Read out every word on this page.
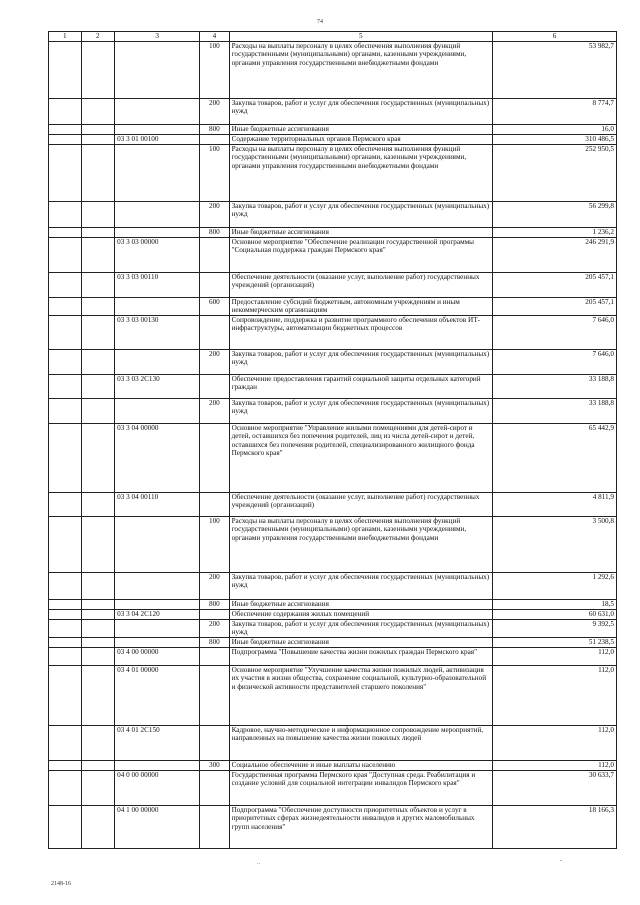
74
1	2	3	4	5	6
			100	Расходы на выплаты персоналу в целях обеспечения выполнения функций государственными (муниципальными) органами, казенными учреждениями, органами управления государственными внебюджетными фондами	53 982,7
			200	Закупка товаров, работ и услуг для обеспечения государственных (муниципальных) нужд	8 774,7
			800	Иные бюджетные ассигнования	16,0
		03 3 01 00100		Содержание территориальных органов Пермского края	310 486,5
			100	Расходы на выплаты персоналу в целях обеспечения выполнения функций государственными (муниципальными) органами, казенными учреждениями, органами управления государственными внебюджетными фондами	252 950,5
			200	Закупка товаров, работ и услуг для обеспечения государственных (муниципальных) нужд	56 299,8
			800	Иные бюджетные ассигнования	1 236,2
		03 3 03 00000		Основное мероприятие "Обеспечение реализации государственной программы "Социальная поддержка граждан Пермского края"	246 291,9
		03 3 03 00110		Обеспечение деятельности (оказание услуг, выполнение работ) государственных учреждений (организаций)	205 457,1
			600	Предоставление субсидий бюджетным, автономным учреждениям и иным некоммерческим организациям	205 457,1
		03 3 03 00130		Сопровождение, поддержка и развитие программного обеспечения объектов ИТ-инфраструктуры, автоматизации бюджетных процессов	7 646,0
			200	Закупка товаров, работ и услуг для обеспечения государственных (муниципальных) нужд	7 646,0
		03 3 03 2С130		Обеспечение предоставления гарантий социальной защиты отдельных категорий граждан	33 188,8
			200	Закупка товаров, работ и услуг для обеспечения государственных (муниципальных) нужд	33 188,8
		03 3 04 00000		Основное мероприятие "Управление жилыми помещениями для детей-сирот и детей, оставшихся без попечения родителей, лиц из числа детей-сирот и детей, оставшихся без попечения родителей, специализированного жилищного фонда Пермского края"	65 442,9
		03 3 04 00110		Обеспечение деятельности (оказание услуг, выполнение работ) государственных учреждений (организаций)	4 811,9
			100	Расходы на выплаты персоналу в целях обеспечения выполнения функций государственными (муниципальными) органами, казенными учреждениями, органами управления государственными внебюджетными фондами	3 500,8
			200	Закупка товаров, работ и услуг для обеспечения государственных (муниципальных) нужд	1 292,6
			800	Иные бюджетные ассигнования	18,5
		03 3 04 2С120		Обеспечение содержания жилых помещений	60 631,0
			200	Закупка товаров, работ и услуг для обеспечения государственных (муниципальных) нужд	9 392,5
			800	Иные бюджетные ассигнования	51 238,5
		03 4 00 00000		Подпрограмма "Повышение качества жизни пожилых граждан Пермского края"	112,0
		03 4 01 00000		Основное мероприятие "Улучшение качества жизни пожилых людей, активизация их участия в жизни общества, сохранение социальной, культурно-образовательной и физической активности представителей старшего поколения"	112,0
		03 4 01 2С150		Кадровое, научно-методическое и информационное сопровождение мероприятий, направленных на повышение качества жизни пожилых людей	112,0
			300	Социальное обеспечение и иные выплаты населению	112,0
		04 0 00 00000		Государственная программа Пермского края "Доступная среда. Реабилитация и создание условий для социальной интеграции инвалидов Пермского края"	30 633,7
		04 1 00 00000		Подпрограмма "Обеспечение доступности приоритетных объектов и услуг в приоритетных сферах жизнедеятельности инвалидов и других маломобильных групп населения"	18 166,3
2148-16
..	-
